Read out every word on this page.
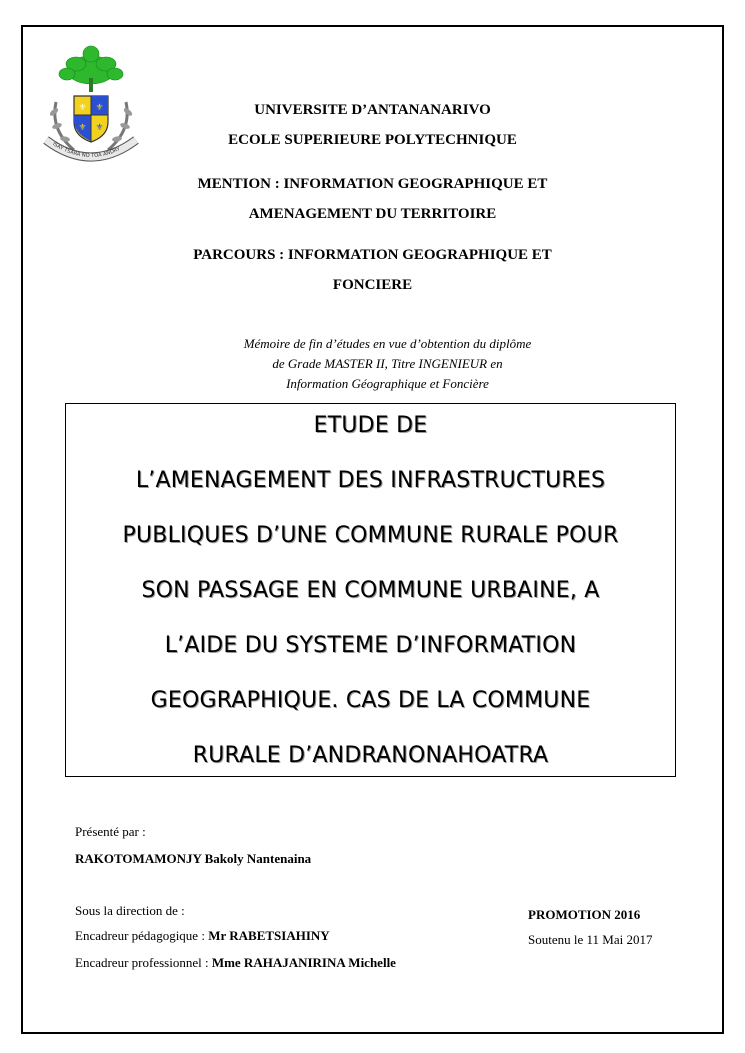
⚜ ⚜
⚜ ⚜
ISAY TSARA NO TOA ANDRY
UNIVERSITE D’ANTANANARIVO
ECOLE SUPERIEURE POLYTECHNIQUE
MENTION : INFORMATION GEOGRAPHIQUE ET
AMENAGEMENT DU TERRITOIRE
PARCOURS : INFORMATION GEOGRAPHIQUE ET
FONCIERE
Mémoire de fin d’études en vue d’obtention du diplôme
de Grade MASTER II, Titre INGENIEUR en
Information Géographique et Foncière
ETUDE DE
L’AMENAGEMENT DES INFRASTRUCTURES
PUBLIQUES D’UNE COMMUNE RURALE POUR
SON PASSAGE EN COMMUNE URBAINE, A
L’AIDE DU SYSTEME D’INFORMATION
GEOGRAPHIQUE. CAS DE LA COMMUNE
RURALE D’ANDRANONAHOATRA
Présenté par :
RAKOTOMAMONJY Bakoly Nantenaina
Sous la direction de :
Encadreur pédagogique : Mr RABETSIAHINY
Encadreur professionnel : Mme RAHAJANIRINA Michelle
PROMOTION 2016
Soutenu le 11 Mai 2017
